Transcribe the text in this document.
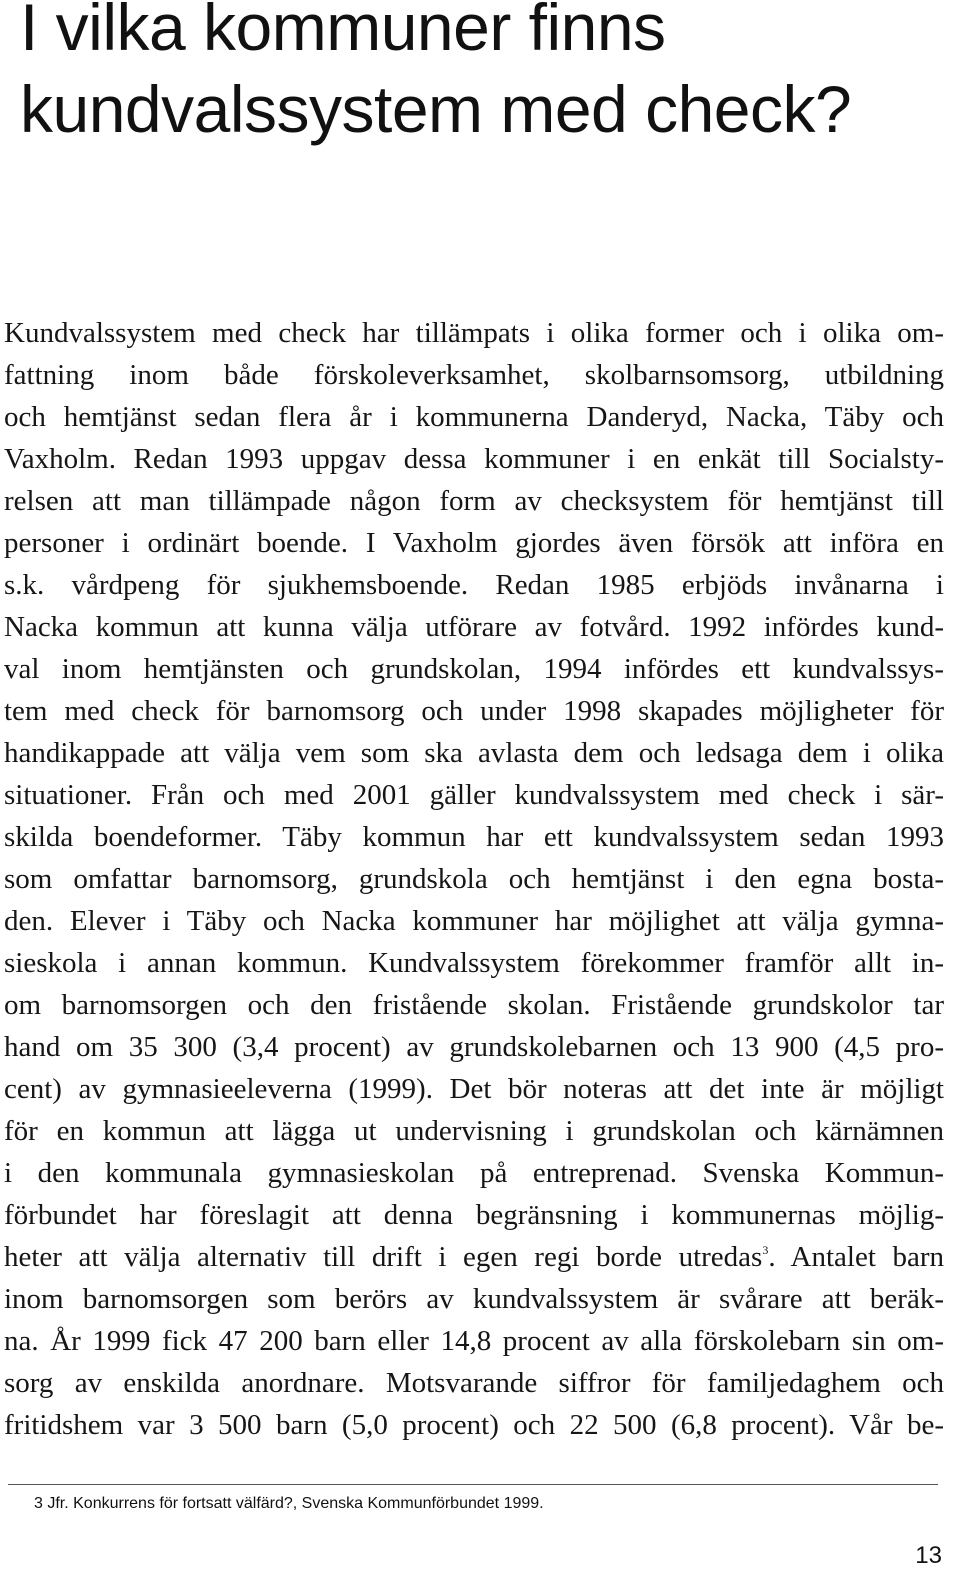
I vilka kommuner finns
kundvalssystem med check?
Kundvalssystem med check har tillämpats i olika former och i olika om-
fattning inom både förskoleverksamhet, skolbarnsomsorg, utbildning
och hemtjänst sedan flera år i kommunerna Danderyd, Nacka, Täby och
Vaxholm. Redan 1993 uppgav dessa kommuner i en enkät till Socialsty-
relsen att man tillämpade någon form av checksystem för hemtjänst till
personer i ordinärt boende. I Vaxholm gjordes även försök att införa en
s.k. vårdpeng för sjukhemsboende. Redan 1985 erbjöds invånarna i
Nacka kommun att kunna välja utförare av fotvård. 1992 infördes kund-
val inom hemtjänsten och grundskolan, 1994 infördes ett kundvalssys-
tem med check för barnomsorg och under 1998 skapades möjligheter för
handikappade att välja vem som ska avlasta dem och ledsaga dem i olika
situationer. Från och med 2001 gäller kundvalssystem med check i sär-
skilda boendeformer. Täby kommun har ett kundvalssystem sedan 1993
som omfattar barnomsorg, grundskola och hemtjänst i den egna bosta-
den. Elever i Täby och Nacka kommuner har möjlighet att välja gymna-
sieskola i annan kommun. Kundvalssystem förekommer framför allt in-
om barnomsorgen och den fristående skolan. Fristående grundskolor tar
hand om 35 300 (3,4 procent) av grundskolebarnen och 13 900 (4,5 pro-
cent) av gymnasieeleverna (1999). Det bör noteras att det inte är möjligt
för en kommun att lägga ut undervisning i grundskolan och kärnämnen
i den kommunala gymnasieskolan på entreprenad. Svenska Kommun-
förbundet har föreslagit att denna begränsning i kommunernas möjlig-
heter att välja alternativ till drift i egen regi borde utredas$^3$. Antalet barn
inom barnomsorgen som berörs av kundvalssystem är svårare att beräk-
na. År 1999 fick 47 200 barn eller 14,8 procent av alla förskolebarn sin om-
sorg av enskilda anordnare. Motsvarande siffror för familjedaghem och
fritidshem var 3 500 barn (5,0 procent) och 22 500 (6,8 procent). Vår be-
3 Jfr. Konkurrens för fortsatt välfärd?, Svenska Kommunförbundet 1999.
13
